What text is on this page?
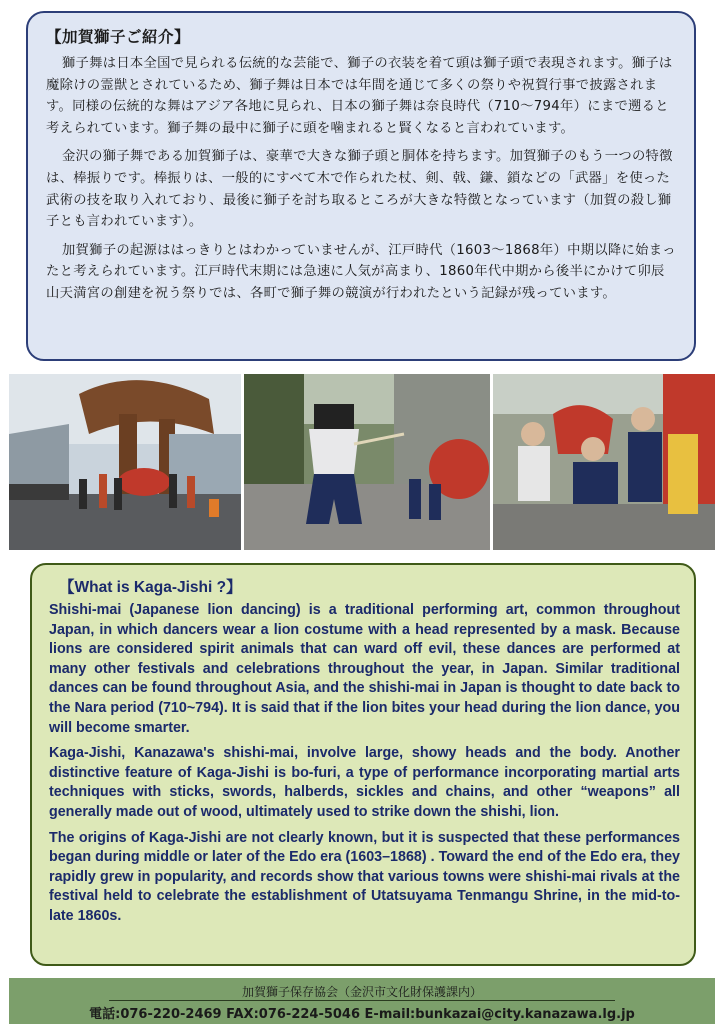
【加賀獅子ご紹介】

獅子舞は日本全国で見られる伝統的な芸能で、獅子の衣装を着て頭は獅子頭で表現されます。獅子は魔除けの霊獣とされているため、獅子舞は日本では年間を通じて多くの祭りや祝賀行事で披露されます。同様の伝統的な舞はアジア各地に見られ、日本の獅子舞は奈良時代（710～794年）にまで遡ると考えられています。獅子舞の最中に獅子に頭を噛まれると賢くなると言われています。

金沢の獅子舞である加賀獅子は、豪華で大きな獅子頭と胴体を持ちます。加賀獅子のもう一つの特徴は、棒振りです。棒振りは、一般的にすべて木で作られた杖、剣、戟、鎌、鎖などの「武器」を使った武術の技を取り入れており、最後に獅子を討ち取るところが大きな特徴となっています（加賀の殺し獅子とも言われています）。

加賀獅子の起源ははっきりとはわかっていませんが、江戸時代（1603～1868年）中期以降に始まったと考えられています。江戸時代末期には急速に人気が高まり、1860年代中期から後半にかけて卯辰山天満宮の創建を祝う祭りでは、各町で獅子舞の競演が行われたという記録が残っています。

【What is Kaga-Jishi ?】

Shishi-mai (Japanese lion dancing) is a traditional performing art, common throughout Japan, in which dancers wear a lion costume with a head represented by a mask. Because lions are considered spirit animals that can ward off evil, these dances are performed at many other festivals and celebrations throughout the year, in Japan. Similar traditional dances can be found throughout Asia, and the shishi-mai in Japan is thought to date back to the Nara period (710~794). It is said that if the lion bites your head during the lion dance, you will become smarter.

Kaga-Jishi, Kanazawa's shishi-mai, involve large, showy heads and the body. Another distinctive feature of Kaga-Jishi is bo-furi, a type of performance incorporating martial arts techniques with sticks, swords, halberds, sickles and chains, and other “weapons” all generally made out of wood, ultimately used to strike down the shishi, lion.

The origins of Kaga-Jishi are not clearly known, but it is suspected that these performances began during middle or later of the Edo era (1603–1868) . Toward the end of the Edo era, they rapidly grew in popularity, and records show that various towns were shishi-mai rivals at the festival held to celebrate the establishment of Utatsuyama Tenmangu Shrine, in the mid-to-late 1860s.

加賀獅子保存協会（金沢市文化財保護課内）
電話:076-220-2469 FAX:076-224-5046 E-mail:bunkazai@city.kanazawa.lg.jp
